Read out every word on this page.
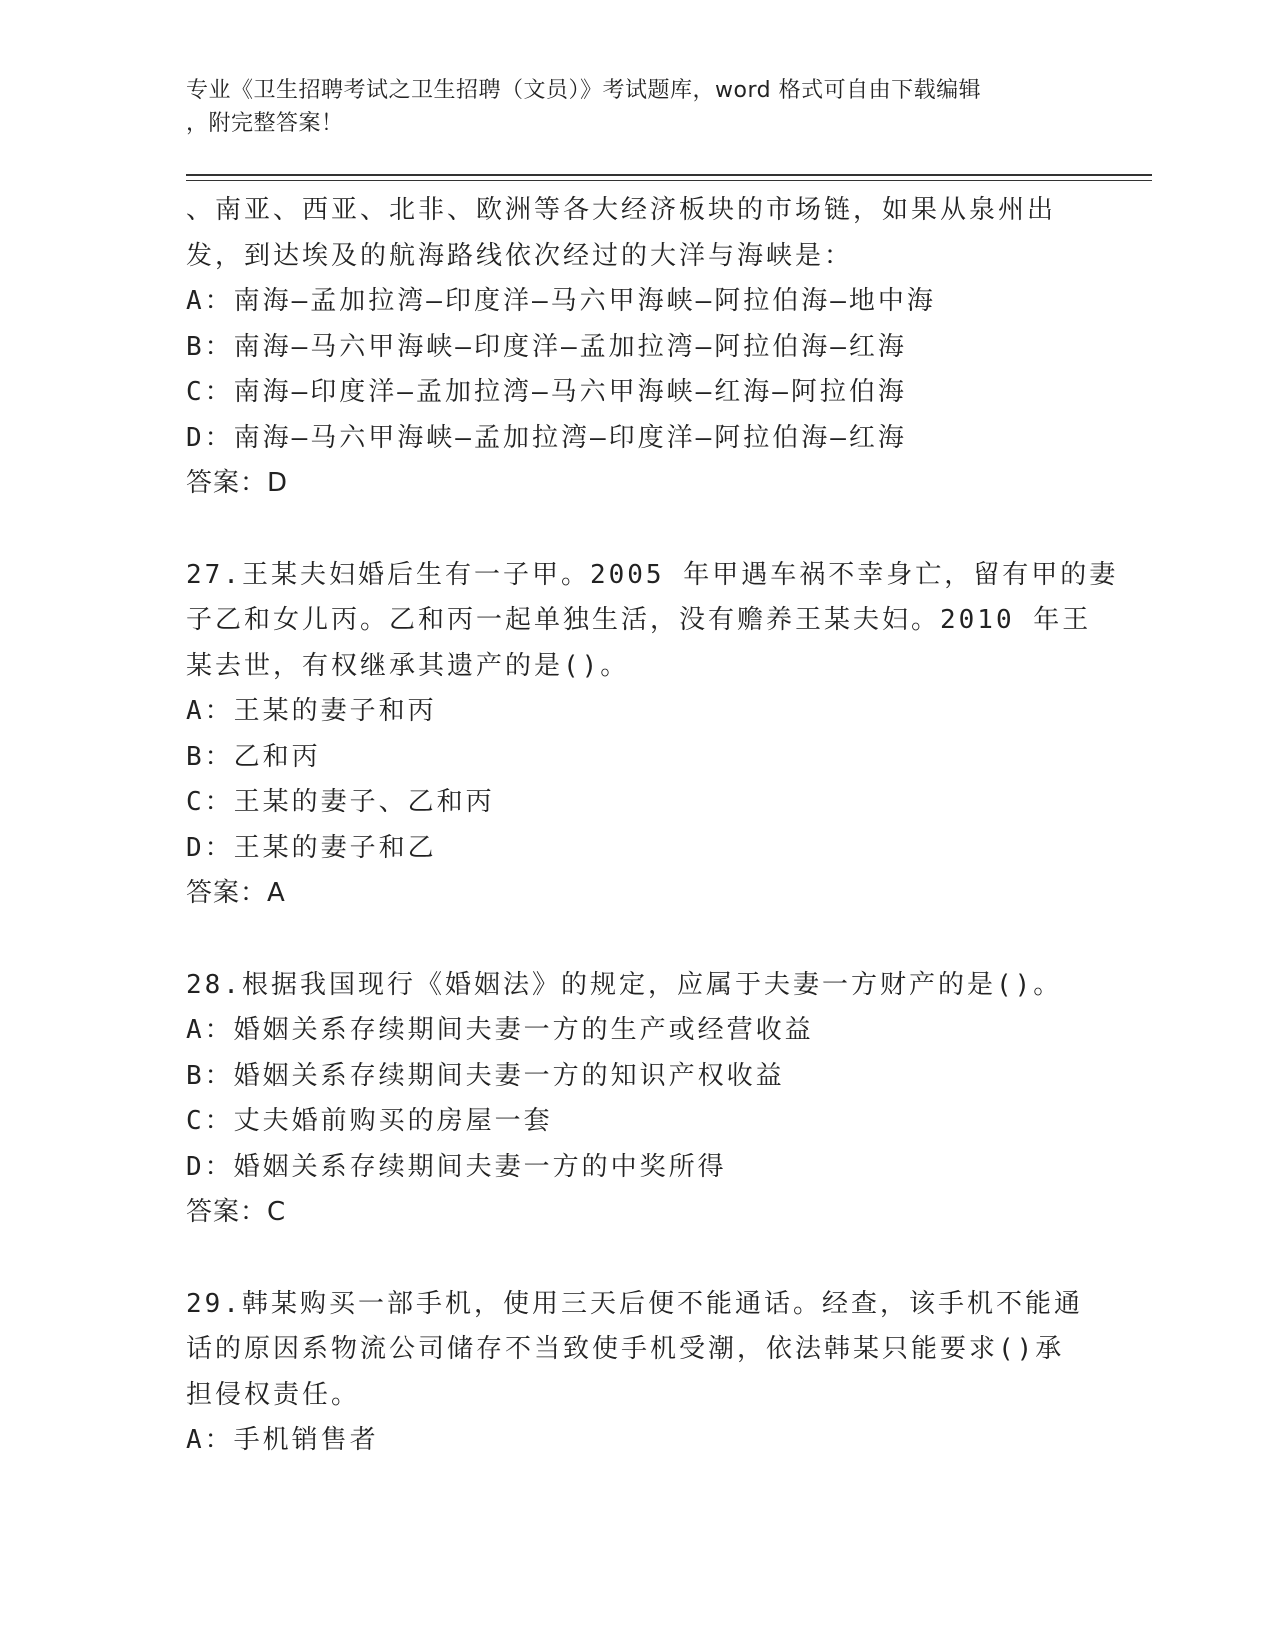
专业《卫生招聘考试之卫生招聘（文员）》考试题库，word 格式可自由下载编辑
，附完整答案！
、南亚、西亚、北非、欧洲等各大经济板块的市场链，如果从泉州出
发，到达埃及的航海路线依次经过的大洋与海峡是：
A：南海—孟加拉湾—印度洋—马六甲海峡—阿拉伯海—地中海
B：南海—马六甲海峡—印度洋—孟加拉湾—阿拉伯海—红海
C：南海—印度洋—孟加拉湾—马六甲海峡—红海—阿拉伯海
D：南海—马六甲海峡—孟加拉湾—印度洋—阿拉伯海—红海
答案：D
27.王某夫妇婚后生有一子甲。2005 年甲遇车祸不幸身亡，留有甲的妻
子乙和女儿丙。乙和丙一起单独生活，没有赡养王某夫妇。2010 年王
某去世，有权继承其遗产的是()。
A：王某的妻子和丙
B：乙和丙
C：王某的妻子、乙和丙
D：王某的妻子和乙
答案：A
28.根据我国现行《婚姻法》的规定，应属于夫妻一方财产的是()。
A：婚姻关系存续期间夫妻一方的生产或经营收益
B：婚姻关系存续期间夫妻一方的知识产权收益
C：丈夫婚前购买的房屋一套
D：婚姻关系存续期间夫妻一方的中奖所得
答案：C
29.韩某购买一部手机，使用三天后便不能通话。经查，该手机不能通
话的原因系物流公司储存不当致使手机受潮，依法韩某只能要求()承
担侵权责任。
A：手机销售者
